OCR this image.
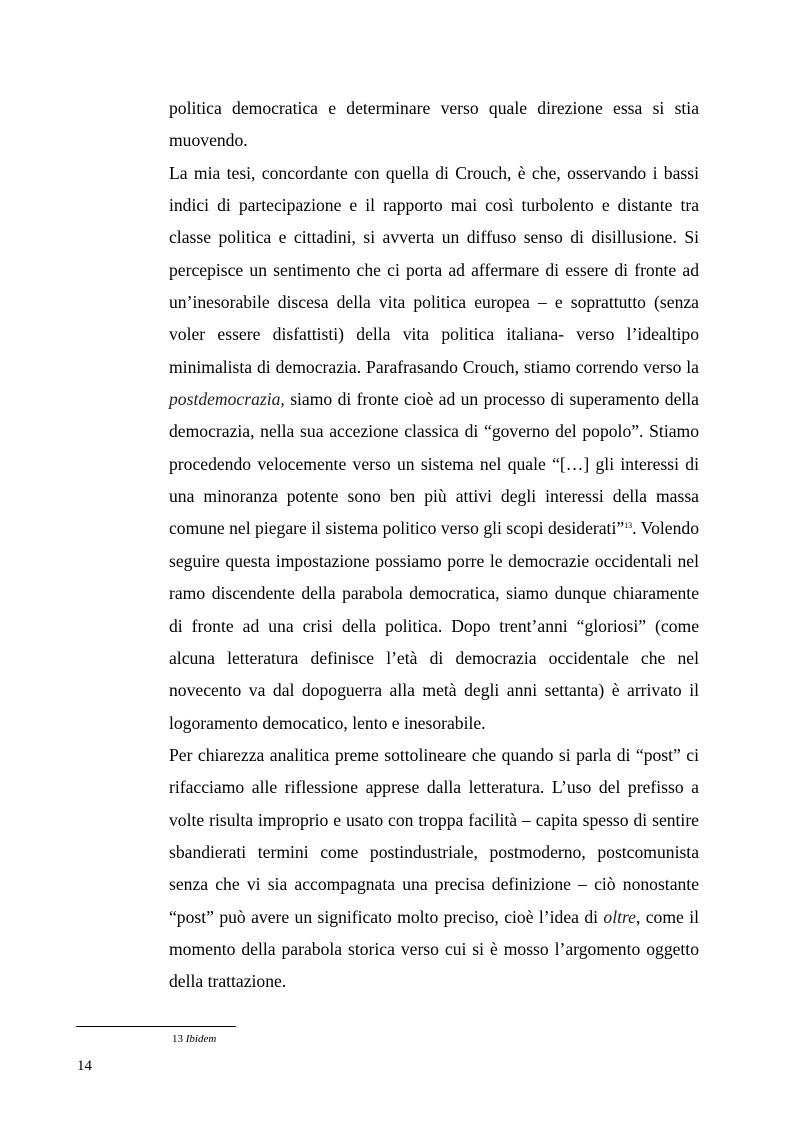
politica democratica e determinare verso quale direzione essa si stia muovendo.

La mia tesi, concordante con quella di Crouch, è che, osservando i bassi indici di partecipazione e il rapporto mai così turbolento e distante tra classe politica e cittadini, si avverta un diffuso senso di disillusione. Si percepisce un sentimento che ci porta ad affermare di essere di fronte ad un’inesorabile discesa della vita politica europea – e soprattutto (senza voler essere disfattisti) della vita politica italiana- verso l’idealtipo minimalista di democrazia. Parafrasando Crouch, stiamo correndo verso la postdemocrazia, siamo di fronte cioè ad un processo di superamento della democrazia, nella sua accezione classica di “governo del popolo”. Stiamo procedendo velocemente verso un sistema nel quale “[…] gli interessi di una minoranza potente sono ben più attivi degli interessi della massa comune nel piegare il sistema politico verso gli scopi desiderati”$^{13}$. Volendo seguire questa impostazione possiamo porre le democrazie occidentali nel ramo discendente della parabola democratica, siamo dunque chiaramente di fronte ad una crisi della politica. Dopo trent’anni “gloriosi” (come alcuna letteratura definisce l’età di democrazia occidentale che nel novecento va dal dopoguerra alla metà degli anni settanta) è arrivato il logoramento democatico, lento e inesorabile.

Per chiarezza analitica preme sottolineare che quando si parla di “post” ci rifacciamo alle riflessione apprese dalla letteratura. L’uso del prefisso a volte risulta improprio e usato con troppa facilità – capita spesso di sentire sbandierati termini come postindustriale, postmoderno, postcomunista senza che vi sia accompagnata una precisa definizione – ciò nonostante “post” può avere un significato molto preciso, cioè l’idea di oltre, come il momento della parabola storica verso cui si è mosso l’argomento oggetto della trattazione.

13 Ibidem
14
